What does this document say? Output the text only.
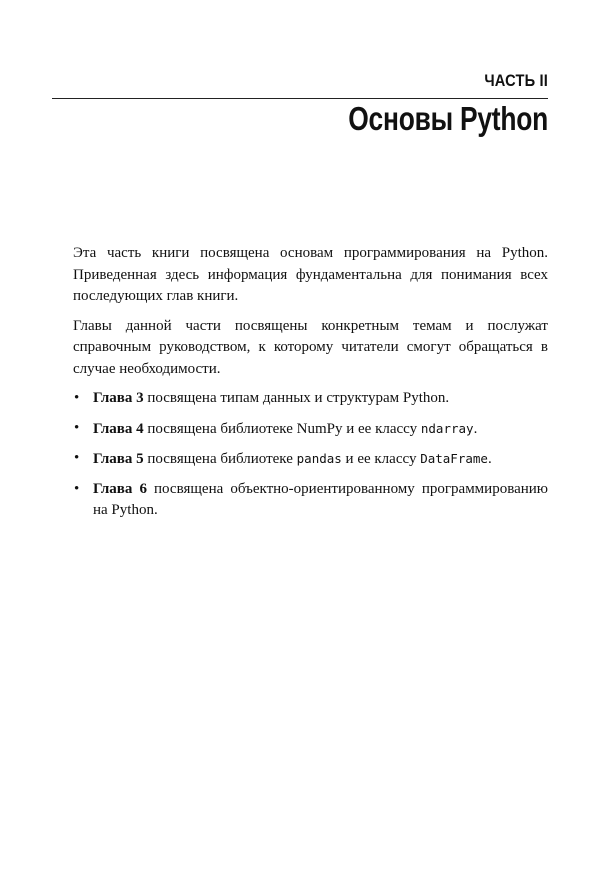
ЧАСТЬ II
Основы Python

Эта часть книги посвящена основам программирования на Python. Приведенная здесь информация фундаментальна для понимания всех последующих глав книги.

Главы данной части посвящены конкретным темам и послужат справочным руководством, к которому читатели смогут обращаться в случае необходимости.

• Глава 3 посвящена типам данных и структурам Python.
• Глава 4 посвящена библиотеке NumPy и ее классу ndarray.
• Глава 5 посвящена библиотеке pandas и ее классу DataFrame.
• Глава 6 посвящена объектно-ориентированному программированию на Python.
